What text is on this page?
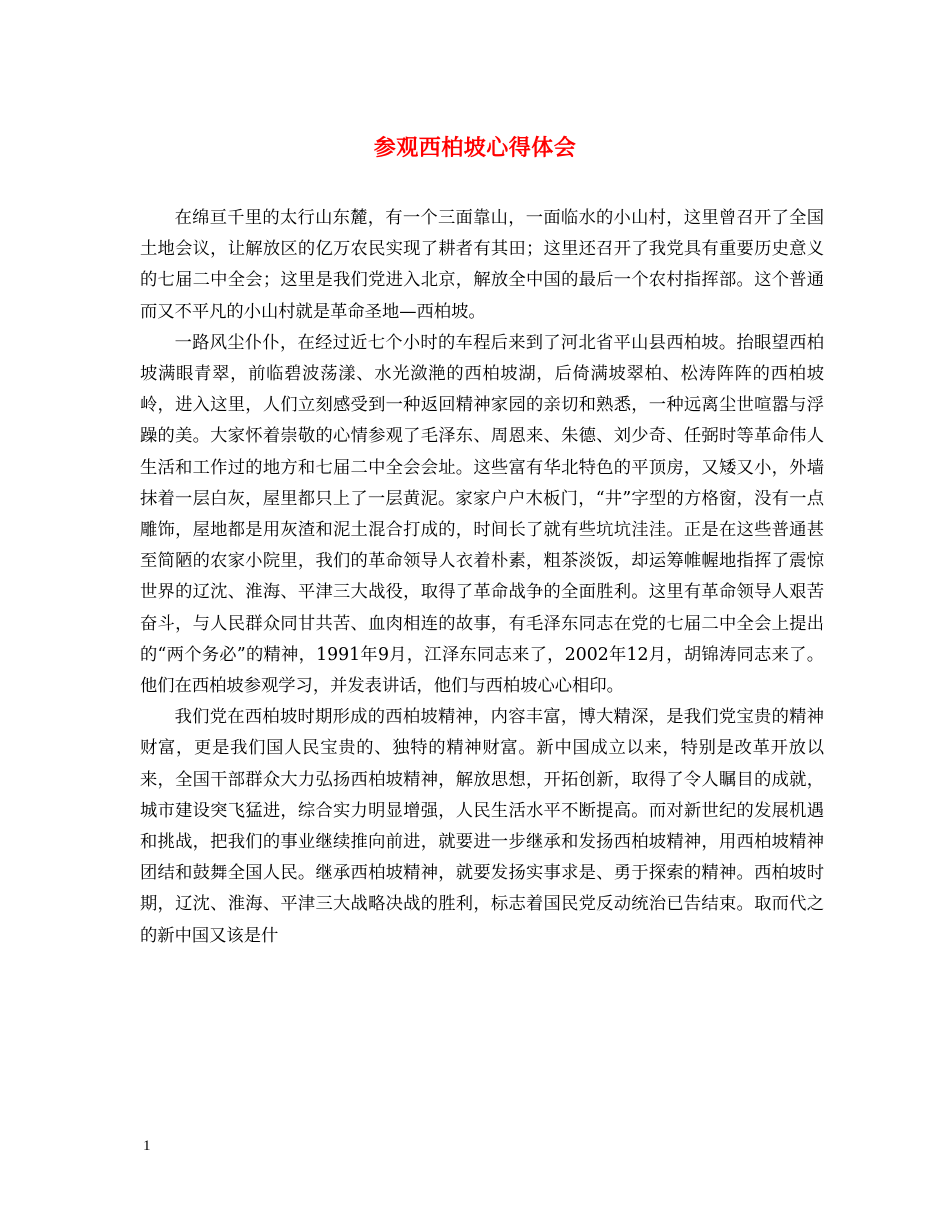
参观西柏坡心得体会

在绵亘千里的太行山东麓，有一个三面靠山，一面临水的小山村，这里曾召开了全国土地会议，让解放区的亿万农民实现了耕者有其田；这里还召开了我党具有重要历史意义的七届二中全会；这里是我们党进入北京，解放全中国的最后一个农村指挥部。这个普通而又不平凡的小山村就是革命圣地—西柏坡。

一路风尘仆仆，在经过近七个小时的车程后来到了河北省平山县西柏坡。抬眼望西柏坡满眼青翠，前临碧波荡漾、水光潋滟的西柏坡湖，后倚满坡翠柏、松涛阵阵的西柏坡岭，进入这里，人们立刻感受到一种返回精神家园的亲切和熟悉，一种远离尘世喧嚣与浮躁的美。大家怀着崇敬的心情参观了毛泽东、周恩来、朱德、刘少奇、任弼时等革命伟人生活和工作过的地方和七届二中全会会址。这些富有华北特色的平顶房，又矮又小，外墙抹着一层白灰，屋里都只上了一层黄泥。家家户户木板门，“井”字型的方格窗，没有一点雕饰，屋地都是用灰渣和泥土混合打成的，时间长了就有些坑坑洼洼。正是在这些普通甚至简陋的农家小院里，我们的革命领导人衣着朴素，粗茶淡饭，却运筹帷幄地指挥了震惊世界的辽沈、淮海、平津三大战役，取得了革命战争的全面胜利。这里有革命领导人艰苦奋斗，与人民群众同甘共苦、血肉相连的故事，有毛泽东同志在党的七届二中全会上提出的“两个务必”的精神，1991年9月，江泽东同志来了，2002年12月，胡锦涛同志来了。他们在西柏坡参观学习，并发表讲话，他们与西柏坡心心相印。

我们党在西柏坡时期形成的西柏坡精神，内容丰富，博大精深，是我们党宝贵的精神财富，更是我们国人民宝贵的、独特的精神财富。新中国成立以来，特别是改革开放以来，全国干部群众大力弘扬西柏坡精神，解放思想，开拓创新，取得了令人瞩目的成就，城市建设突飞猛进，综合实力明显增强，人民生活水平不断提高。而对新世纪的发展机遇和挑战，把我们的事业继续推向前进，就要进一步继承和发扬西柏坡精神，用西柏坡精神团结和鼓舞全国人民。继承西柏坡精神，就要发扬实事求是、勇于探索的精神。西柏坡时期，辽沈、淮海、平津三大战略决战的胜利，标志着国民党反动统治已告结束。取而代之的新中国又该是什

1
